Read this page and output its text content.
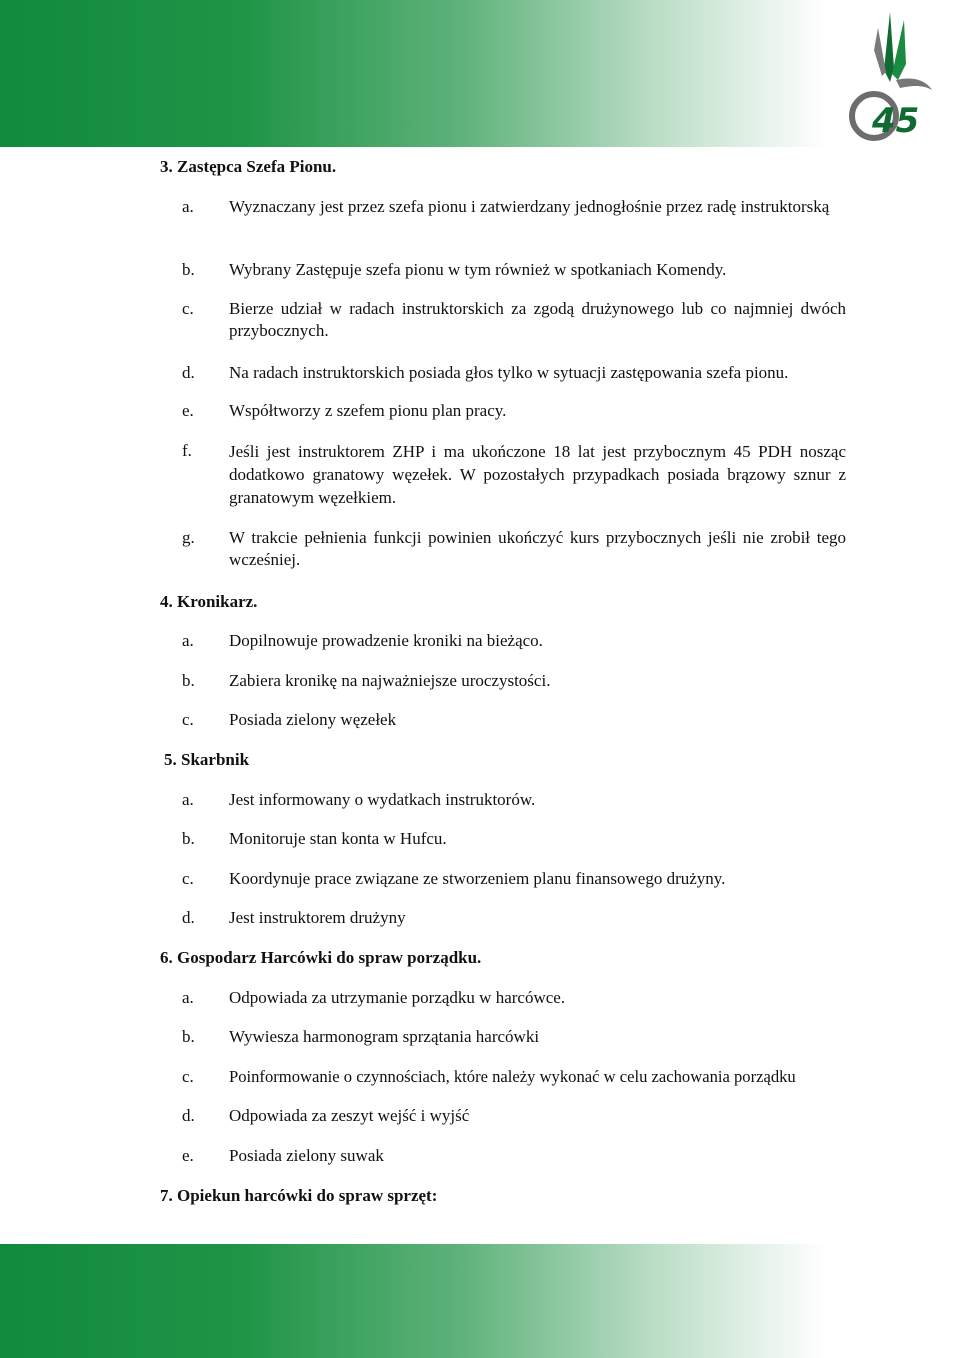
45
3. Zastępca Szefa Pionu.
a.	Wyznaczany jest przez szefa pionu i zatwierdzany jednogłośnie przez radę instruktorską
b.	Wybrany Zastępuje szefa pionu w tym również w spotkaniach Komendy.
c.	Bierze udział w radach instruktorskich za zgodą drużynowego lub co najmniej dwóch przybocznych.
d.	Na radach instruktorskich posiada głos tylko w sytuacji zastępowania szefa pionu.
e.	Współtworzy z szefem pionu plan pracy.
f.	Jeśli jest instruktorem ZHP i ma ukończone 18 lat jest przybocznym 45 PDH nosząc dodatkowo granatowy węzełek. W pozostałych przypadkach posiada brązowy sznur z granatowym węzełkiem.
g.	W trakcie pełnienia funkcji powinien ukończyć kurs przybocznych jeśli nie zrobił tego wcześniej.
4. Kronikarz.
a.	Dopilnowuje prowadzenie kroniki na bieżąco.
b.	Zabiera kronikę na najważniejsze uroczystości.
c.	Posiada zielony węzełek
5. Skarbnik
a.	Jest informowany o wydatkach instruktorów.
b.	Monitoruje stan konta w Hufcu.
c.	Koordynuje prace związane ze stworzeniem planu finansowego drużyny.
d.	Jest instruktorem drużyny
6. Gospodarz Harcówki do spraw porządku.
a.	Odpowiada za utrzymanie porządku w harcówce.
b.	Wywiesza harmonogram sprzątania harcówki
c.	Poinformowanie o czynnościach, które należy wykonać w celu zachowania porządku
d.	Odpowiada za zeszyt wejść i wyjść
e.	Posiada zielony suwak
7. Opiekun harcówki do spraw sprzęt:
